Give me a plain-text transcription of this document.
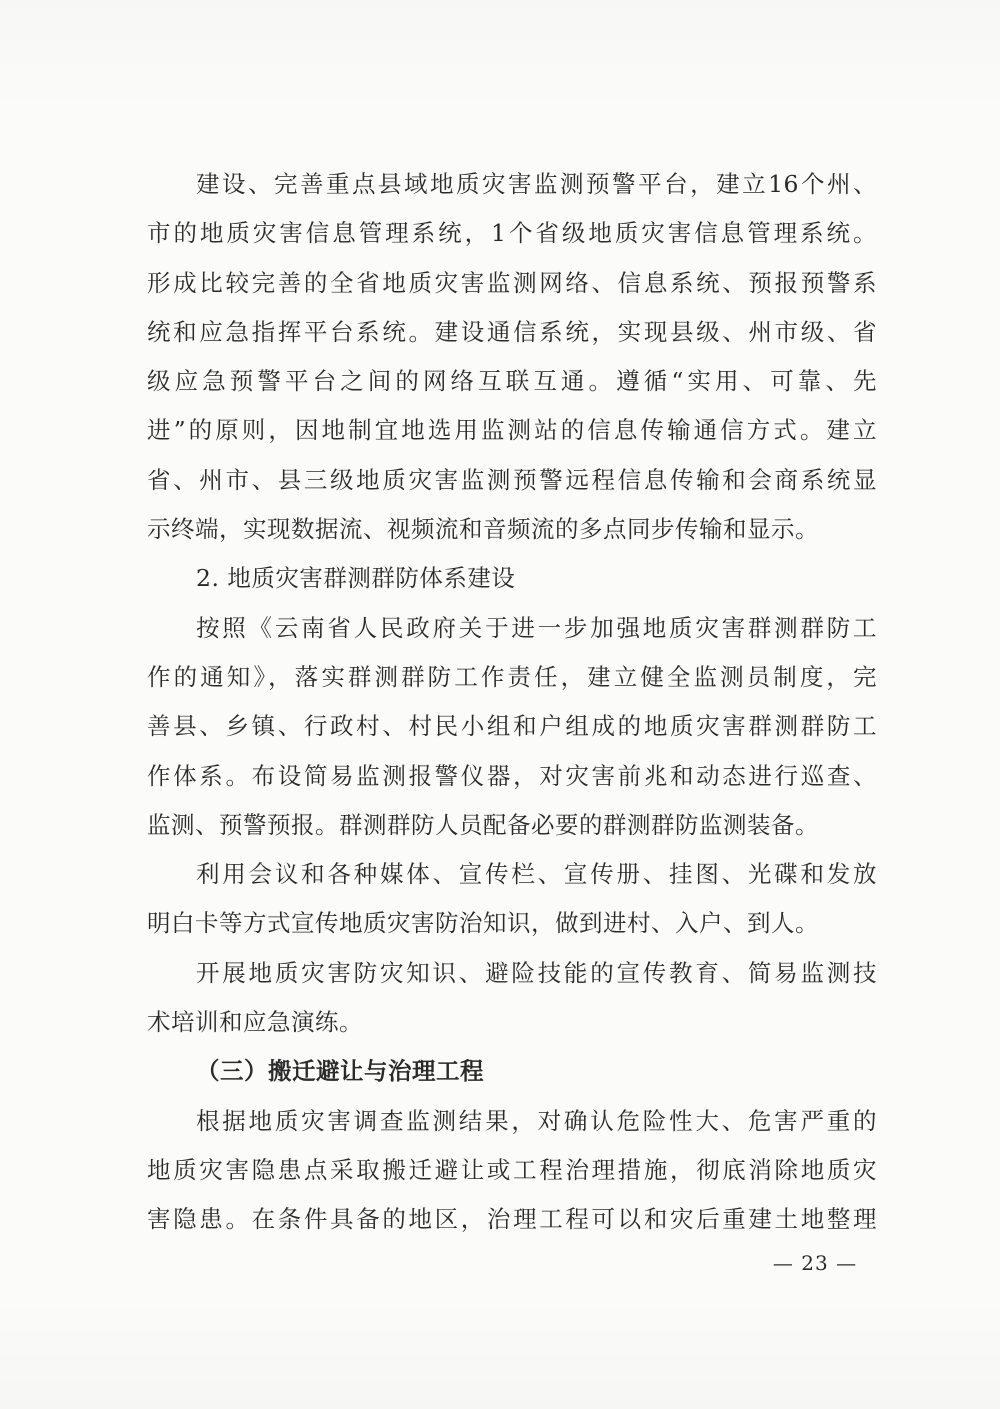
建设、完善重点县域地质灾害监测预警平台，建立16个州、
市的地质灾害信息管理系统，1个省级地质灾害信息管理系统。
形成比较完善的全省地质灾害监测网络、信息系统、预报预警系
统和应急指挥平台系统。建设通信系统，实现县级、州市级、省
级应急预警平台之间的网络互联互通。遵循“实用、可靠、先
进”的原则，因地制宜地选用监测站的信息传输通信方式。建立
省、州市、县三级地质灾害监测预警远程信息传输和会商系统显
示终端，实现数据流、视频流和音频流的多点同步传输和显示。
2. 地质灾害群测群防体系建设
按照《云南省人民政府关于进一步加强地质灾害群测群防工
作的通知》，落实群测群防工作责任，建立健全监测员制度，完
善县、乡镇、行政村、村民小组和户组成的地质灾害群测群防工
作体系。布设简易监测报警仪器，对灾害前兆和动态进行巡查、
监测、预警预报。群测群防人员配备必要的群测群防监测装备。
利用会议和各种媒体、宣传栏、宣传册、挂图、光碟和发放
明白卡等方式宣传地质灾害防治知识，做到进村、入户、到人。
开展地质灾害防灾知识、避险技能的宣传教育、简易监测技
术培训和应急演练。
（三）搬迁避让与治理工程
根据地质灾害调查监测结果，对确认危险性大、危害严重的
地质灾害隐患点采取搬迁避让或工程治理措施，彻底消除地质灾
害隐患。在条件具备的地区，治理工程可以和灾后重建土地整理
— 23 —
